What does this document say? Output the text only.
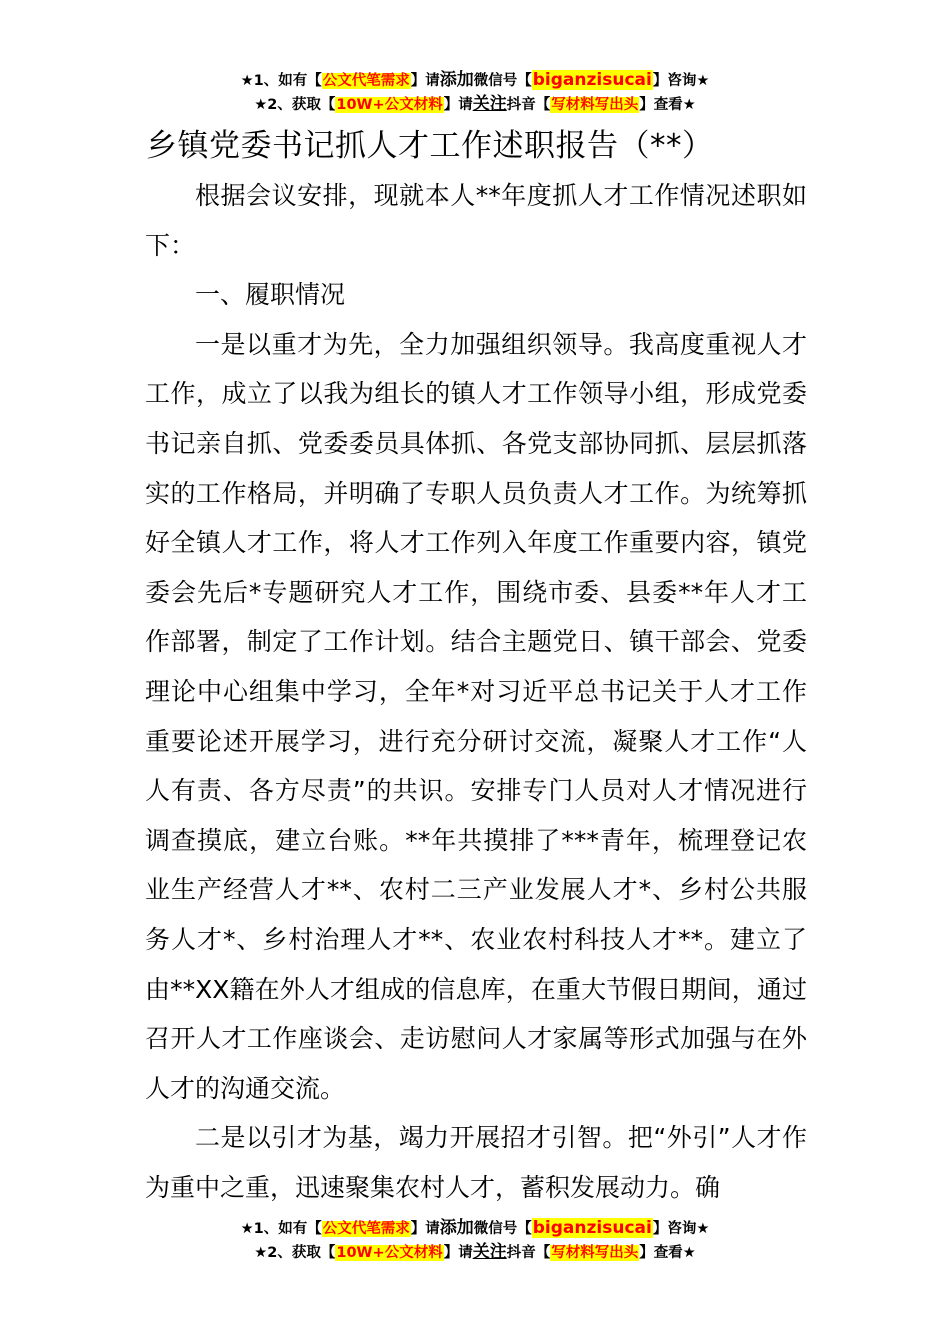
★1、如有【公文代笔需求】请添加微信号【biganzisucai】咨询★
★2、获取【10W+公文材料】请关注抖音【写材料写出头】查看★
乡镇党委书记抓人才工作述职报告（**）

根据会议安排，现就本人**年度抓人才工作情况述职如下：

一、履职情况

一是以重才为先，全力加强组织领导。我高度重视人才工作，成立了以我为组长的镇人才工作领导小组，形成党委书记亲自抓、党委委员具体抓、各党支部协同抓、层层抓落实的工作格局，并明确了专职人员负责人才工作。为统筹抓好全镇人才工作，将人才工作列入年度工作重要内容，镇党委会先后*专题研究人才工作，围绕市委、县委**年人才工作部署，制定了工作计划。结合主题党日、镇干部会、党委理论中心组集中学习，全年*对习近平总书记关于人才工作重要论述开展学习，进行充分研讨交流，凝聚人才工作“人人有责、各方尽责”的共识。安排专门人员对人才情况进行调查摸底，建立台账。**年共摸排了***青年，梳理登记农业生产经营人才**、农村二三产业发展人才*、乡村公共服务人才*、乡村治理人才**、农业农村科技人才**。建立了由**XX籍在外人才组成的信息库，在重大节假日期间，通过召开人才工作座谈会、走访慰问人才家属等形式加强与在外人才的沟通交流。

二是以引才为基，竭力开展招才引智。把“外引”人才作为重中之重，迅速聚集农村人才，蓄积发展动力。确

★1、如有【公文代笔需求】请添加微信号【biganzisucai】咨询★
★2、获取【10W+公文材料】请关注抖音【写材料写出头】查看★
